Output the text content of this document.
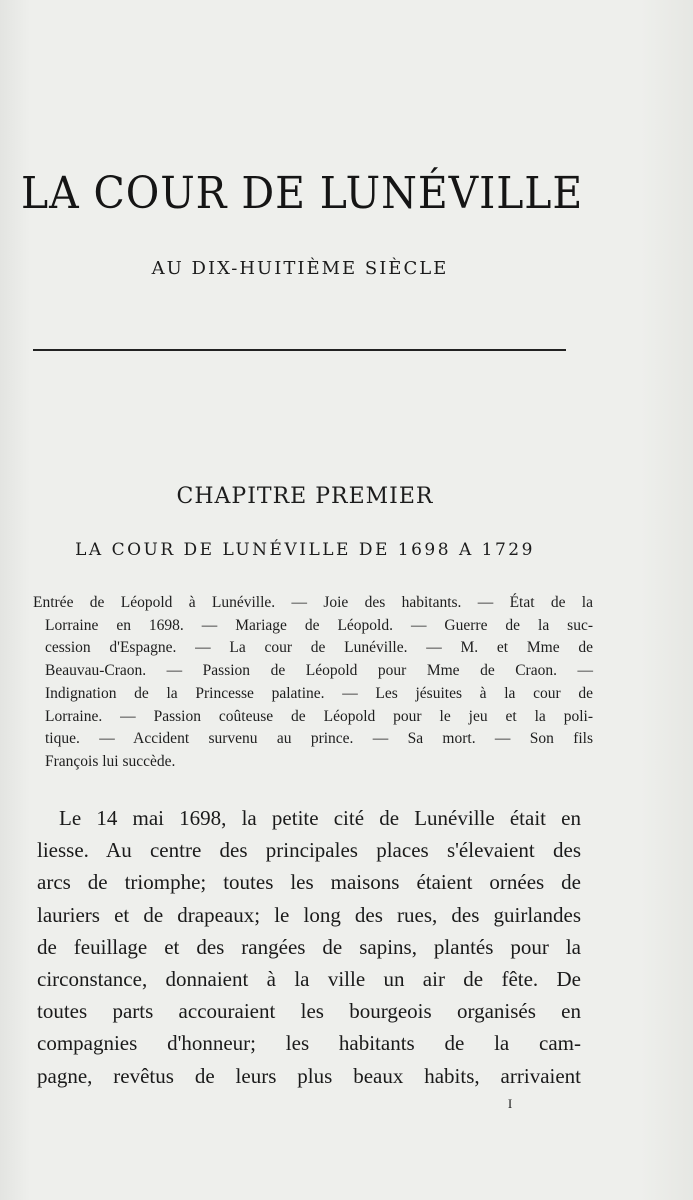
LA COUR DE LUNÉVILLE
AU DIX-HUITIÈME SIÈCLE
CHAPITRE PREMIER
LA COUR DE LUNÉVILLE DE 1698 A 1729
Entrée de Léopold à Lunéville. — Joie des habitants. — État de la
Lorraine en 1698. — Mariage de Léopold. — Guerre de la suc-
cession d'Espagne. — La cour de Lunéville. — M. et Mme de
Beauvau-Craon. — Passion de Léopold pour Mme de Craon. —
Indignation de la Princesse palatine. — Les jésuites à la cour de
Lorraine. — Passion coûteuse de Léopold pour le jeu et la poli-
tique. — Accident survenu au prince. — Sa mort. — Son fils
François lui succède.
Le 14 mai 1698, la petite cité de Lunéville était en
liesse. Au centre des principales places s'élevaient des
arcs de triomphe; toutes les maisons étaient ornées de
lauriers et de drapeaux; le long des rues, des guirlandes
de feuillage et des rangées de sapins, plantés pour la
circonstance, donnaient à la ville un air de fête. De
toutes parts accouraient les bourgeois organisés en
compagnies d'honneur; les habitants de la cam-
pagne, revêtus de leurs plus beaux habits, arrivaient
I
